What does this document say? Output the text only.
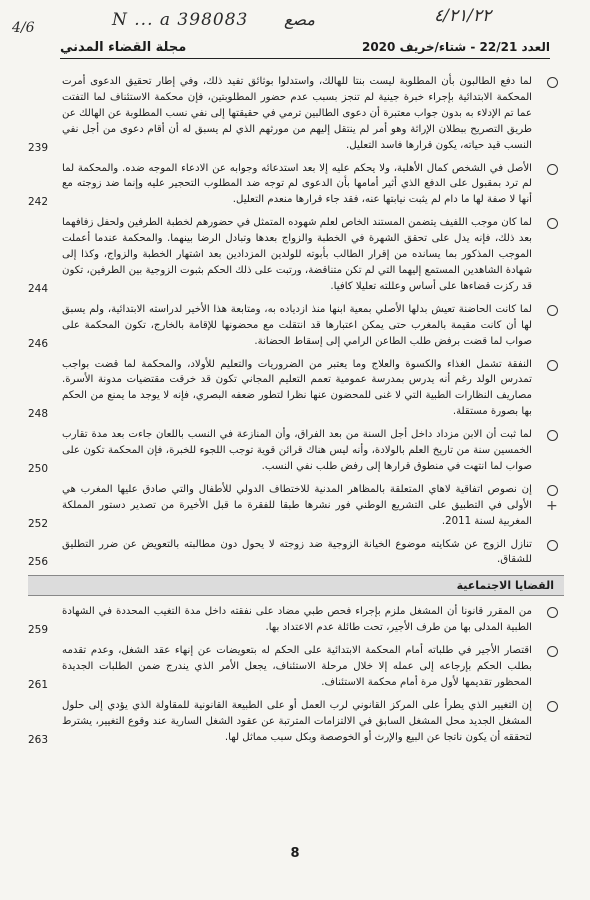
4/6	N ... a 398083 مصع	٤/٢١/٢٢
مجلة القضاء المدني	العدد 22/21 - شتاء/خريف 2020

لما دفع الطالبون بأن المطلوبة ليست بنتا للهالك، واستدلوا بوثائق تفيد ذلك، وفي إطار تحقيق الدعوى أمرت المحكمة الابتدائية بإجراء خبرة جينية لم تنجز بسبب عدم حضور المطلوبتين، فإن محكمة الاستئناف لما التفتت عما تم الإدلاء به بدون جواب معتبرة أن دعوى الطالبين ترمي في حقيقتها إلى نفي نسب المطلوبة عن الهالك عن طريق التصريح ببطلان الإراثة وهو أمر لم ينتقل إليهم من مورثهم الذي لم يسبق له أن أقام دعوى من أجل نفي النسب قيد حياته، يكون قرارها فاسد التعليل.

239

الأصل في الشخص كمال الأهلية، ولا يحكم عليه إلا بعد استدعائه وجوابه عن الادعاء الموجه ضده. والمحكمة لما لم ترد بمقبول على الدفع الذي أثير أمامها بأن الدعوى لم توجه ضد المطلوب التحجير عليه وإنما ضد زوجته مع أنها لا صفة لها ما دام لم يثبت نيابتها عنه، فقد جاء قرارها منعدم التعليل.

242

لما كان موجب اللفيف يتضمن المستند الخاص لعلم شهوده المتمثل في حضورهم لخطبة الطرفين ولحفل زفافهما بعد ذلك، فإنه يدل على تحقق الشهرة في الخطبة والزواج بعدها وتبادل الرضا بينهما. والمحكمة عندما أعملت الموجب المذكور بما يسانده من إقرار الطالب بأبوته للولدين المزدادين بعد اشتهار الخطبة والزواج، وكذا إلى شهادة الشاهدين المستمع إليهما التي لم تكن متناقضة، ورتبت على ذلك الحكم بثبوت الزوجية بين الطرفين، تكون قد ركزت قضاءها على أساس وعللته تعليلا كافيا.

244

لما كانت الحاضنة تعيش بدلها الأصلي بمعية ابنها منذ ازدياده به، ومتابعة هذا الأخير لدراسته الابتدائية، ولم يسبق لها أن كانت مقيمة بالمغرب حتى يمكن اعتبارها قد انتقلت مع محضونها للإقامة بالخارج، تكون المحكمة على صواب لما قضت برفض طلب الطاعن الرامي إلى إسقاط الحضانة.

246

النفقة تشمل الغذاء والكسوة والعلاج وما يعتبر من الضروريات والتعليم للأولاد، والمحكمة لما قضت بواجب تمدرس الولد رغم أنه يدرس بمدرسة عمومية تعمم التعليم المجاني تكون قد خرقت مقتضيات مدونة الأسرة. مصاريف النظارات الطبية التي لا غنى للمحضون عنها نظرا لتطور ضعفه البصري، فإنه لا يوجد ما يمنع من الحكم بها بصورة مستقلة.

248

لما ثبت أن الابن مزداد داخل أجل السنة من بعد الفراق، وأن المنازعة في النسب باللعان جاءت بعد مدة تقارب الخمسين سنة من تاريخ العلم بالولادة، وأنه ليس هناك قرائن قوية توجب اللجوء للخبرة، فإن المحكمة تكون على صواب لما انتهت في منطوق قرارها إلى رفض طلب نفي النسب.

250

إن نصوص اتفاقية لاهاي المتعلقة بالمظاهر المدنية للاختطاف الدولي للأطفال والتي صادق عليها المغرب هي الأولى في التطبيق على التشريع الوطني فور نشرها طبقا للفقرة ما قبل الأخيرة من تصدير دستور المملكة المغربية لسنة 2011.

252

تنازل الزوج عن شكايته موضوع الخيانة الزوجية ضد زوجته لا يحول دون مطالبته بالتعويض عن ضرر التطليق للشقاق.

256
القضايا الاجتماعية

من المقرر قانونا أن المشغل ملزم بإجراء فحص طبي مضاد على نفقته داخل مدة التغيب المحددة في الشهادة الطبية المدلى بها من طرف الأجير، تحت طائلة عدم الاعتداد بها.

259

اقتصار الأجير في طلباته أمام المحكمة الابتدائية على الحكم له بتعويضات عن إنهاء عقد الشغل، وعدم تقدمه بطلب الحكم بإرجاعه إلى عمله إلا خلال مرحلة الاستئناف، يجعل الأمر الذي يندرج ضمن الطلبات الجديدة المحظور تقديمها لأول مرة أمام محكمة الاستئناف.

261

إن التغيير الذي يطرأ على المركز القانوني لرب العمل أو على الطبيعة القانونية للمقاولة الذي يؤدي إلى حلول المشغل الجديد محل المشغل السابق في الالتزامات المترتبة عن عقود الشغل السارية عند وقوع التغيير، يشترط لتحققه أن يكون ناتجا عن البيع والإرث أو الخوصصة وبكل سبب مماثل لها.

263
+
8
